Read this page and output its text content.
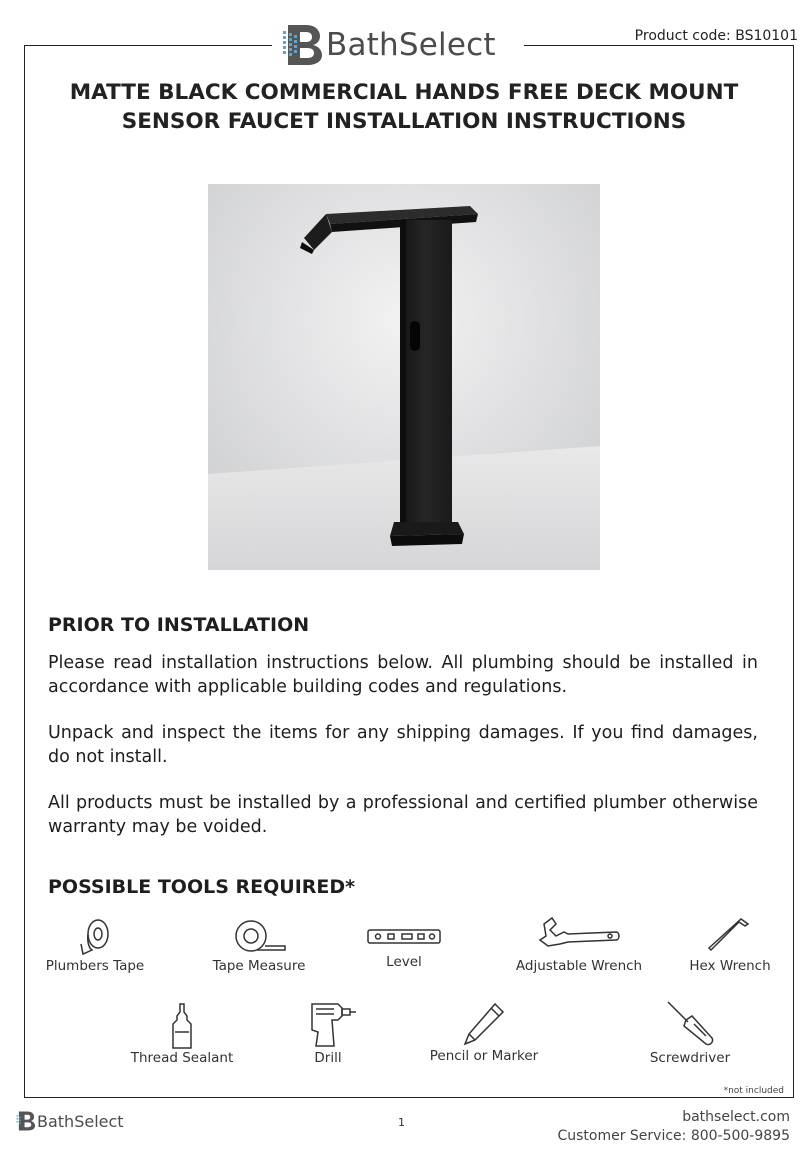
BathSelect	Product code: BS10101
MATTE BLACK COMMERCIAL HANDS FREE DECK MOUNT
SENSOR FAUCET INSTALLATION INSTRUCTIONS
PRIOR TO INSTALLATION
Please read installation instructions below. All plumbing should be installed in accordance with applicable building codes and regulations.
Unpack and inspect the items for any shipping damages. If you find damages, do not install.
All products must be installed by a professional and certified plumber otherwise warranty may be voided.
POSSIBLE TOOLS REQUIRED*
Plumbers Tape	Tape Measure	Level	Adjustable Wrench	Hex Wrench
Thread Sealant	Drill	Pencil or Marker	Screwdriver
*not included
BathSelect	1	bathselect.com
Customer Service: 800-500-9895
